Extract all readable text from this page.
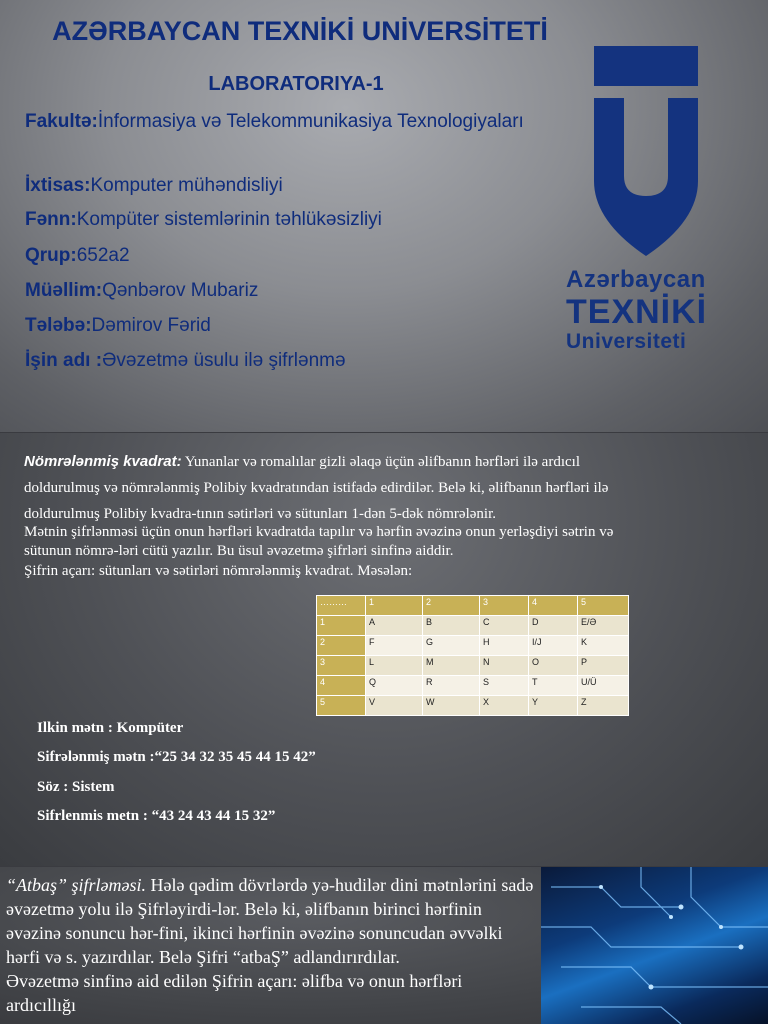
AZƏRBAYCAN TEXNİKİ UNİVERSİTETİ
LABORATORIYA-1
Fakultə:İnformasiya və Telekommunikasiya Texnologiyaları
İxtisas:Komputer mühəndisliyi
Fənn:Kompüter sistemlərinin təhlükəsizliyi
Qrup:652a2
Müəllim:Qənbərov Mubariz
Tələbə:Dəmirov Fərid
İşin adı :Əvəzetmə üsulu ilə şifrlənmə
Azərbaycan
TEXNİKİ
Universiteti
Nömrələnmiş kvadrat: Yunanlar və romalılar gizli əlaqə üçün əlifbanın hərfləri ilə ardıcıl
doldurulmuş və nömrələnmiş Polibiy kvadratından istifadə edirdilər. Belə ki, əlifbanın hərfləri ilə
doldurulmuş Polibiy kvadra-tının sətirləri və sütunları 1-dən 5-dək nömrələnir.
Mətnin şifrlənməsi üçün onun hərfləri kvadratda tapılır və hərfin əvəzinə onun yerləşdiyi sətrin və
sütunun nömrə-ləri cütü yazılır. Bu üsul əvəzetmə şifrləri sinfinə aiddir.
Şifrin açarı: sütunları və sətirləri nömrələnmiş kvadrat. Məsələn:
………	1	2	3	4	5
1	A	B	C	D	E/Ə
2	F	G	H	I/J	K
3	L	M	N	O	P
4	Q	R	S	T	U/Ü
5	V	W	X	Y	Z
Ilkin mətn : Kompüter
Sifrələnmiş mətn :“25 34 32 35 45 44 15 42”
Söz : Sistem
Sifrlenmis metn : “43 24 43 44 15 32”
“Atbaş” şifrləməsi. Hələ qədim dövrlərdə yə-hudilər dini mətnlərini sadə əvəzetmə yolu ilə Şifrləyirdi-lər. Belə ki, əlifbanın birinci hərfinin əvəzinə sonuncu hər-fini, ikinci hərfinin əvəzinə sonuncudan əvvəlki hərfi və s. yazırdılar. Belə Şifri “atbaŞ” adlandırırdılar.
Əvəzetmə sinfinə aid edilən Şifrin açarı: əlifba və onun hərfləri ardıcıllığı
